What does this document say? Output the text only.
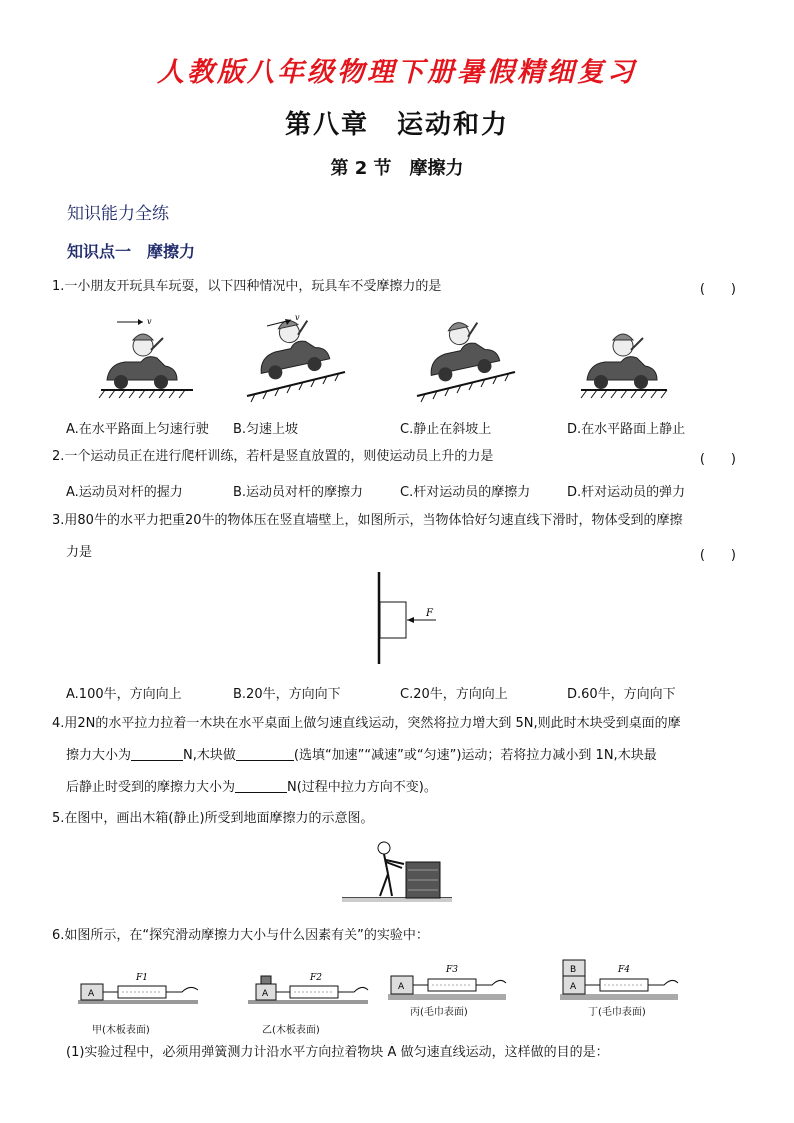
人教版八年级物理下册暑假精细复习
第八章　运动和力
第 2 节　摩擦力
知识能力全练
知识点一　摩擦力
1.一小朋友开玩具车玩耍，以下四种情况中，玩具车不受摩擦力的是	(　　)
v	v
A.在水平路面上匀速行驶 B.匀速上坡	C.静止在斜坡上	D.在水平路面上静止
2.一个运动员正在进行爬杆训练，若杆是竖直放置的，则使运动员上升的力是	(　　)
A.运动员对杆的握力	B.运动员对杆的摩擦力	C.杆对运动员的摩擦力	D.杆对运动员的弹力
3.用80牛的水平力把重20牛的物体压在竖直墙壁上，如图所示，当物体恰好匀速直线下滑时，物体受到的摩擦
力是	(　　)
F
A.100牛，方向向上	B.20牛，方向向下	C.20牛，方向向上	D.60牛，方向向下
4.用2N的水平拉力拉着一木块在水平桌面上做匀速直线运动，突然将拉力增大到 5N,则此时木块受到桌面的摩
擦力大小为	N,木块做	(选填“加速”“减速”或“匀速”)运动；若将拉力减小到 1N,木块最
后静止时受到的摩擦力大小为	N(过程中拉力方向不变)。
5.在图中，画出木箱(静止)所受到地面摩擦力的示意图。
6.如图所示，在“探究滑动摩擦力大小与什么因素有关”的实验中：
A
F1
A
F2
A
F3	B
A
F4
甲(木板表面)	乙(木板表面)
丙(毛巾表面)	丁(毛巾表面)
(1)实验过程中，必须用弹簧测力计沿水平方向拉着物块 A 做匀速直线运动，这样做的目的是：
